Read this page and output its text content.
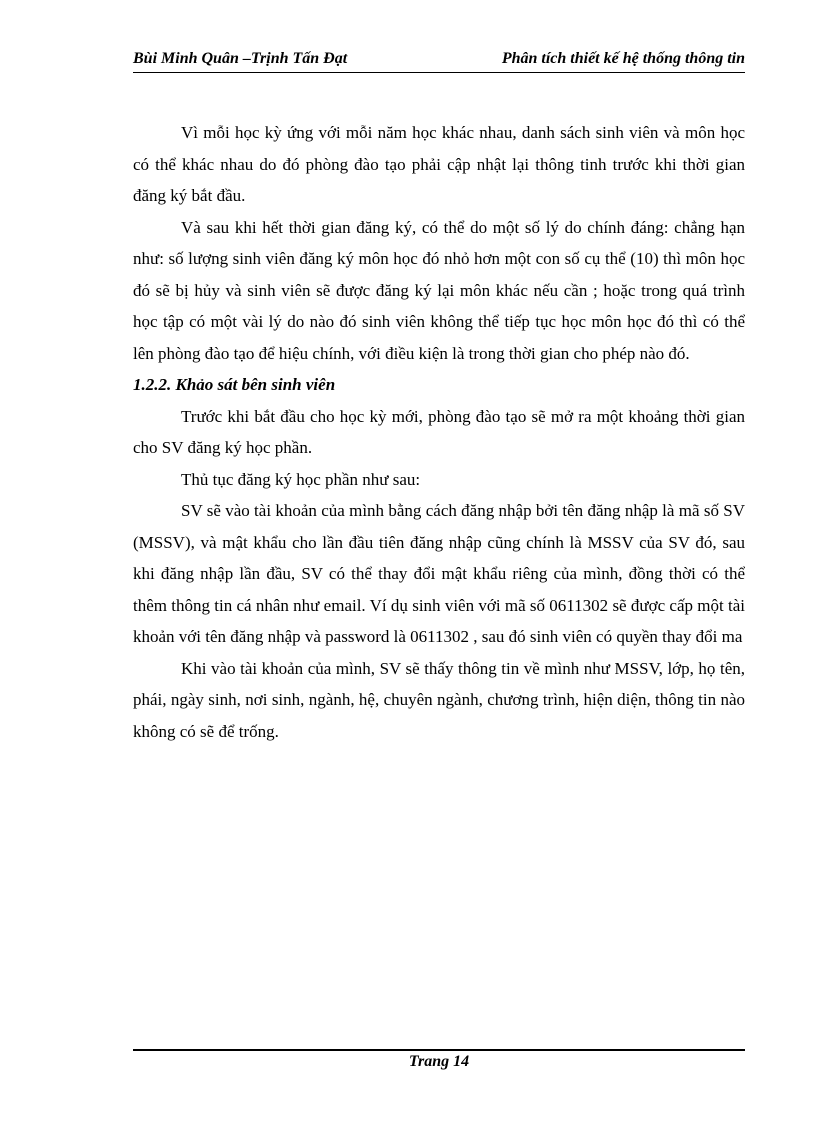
Bùi Minh Quân –Trịnh Tấn Đạt	Phân tích thiết kế hệ thống thông tin

Vì mỗi học kỳ ứng với mỗi năm học khác nhau, danh sách sinh viên và môn học có thể khác nhau do đó phòng đào tạo phải cập nhật lại thông tinh trước khi thời gian đăng ký bắt đầu.

Và sau khi hết thời gian đăng ký, có thể do một số lý do chính đáng: chẳng hạn như: số lượng sinh viên đăng ký môn học đó nhỏ hơn một con số cụ thể (10) thì môn học đó sẽ bị hủy và sinh viên sẽ được đăng ký lại môn khác nếu cần ; hoặc trong quá trình học tập có một vài lý do nào đó sinh viên không thể tiếp tục học môn học đó thì có thể lên phòng đào tạo để hiệu chính, với điều kiện là trong thời gian cho phép nào đó.

1.2.2. Khảo sát bên sinh viên

Trước khi bắt đầu cho học kỳ mới, phòng đào tạo sẽ mở ra một khoảng thời gian cho SV đăng ký học phần.

Thủ tục đăng ký học phần như sau:

SV sẽ vào tài khoản của mình bằng cách đăng nhập bởi tên đăng nhập là mã số SV (MSSV), và mật khẩu cho lần đầu tiên đăng nhập cũng chính là MSSV của SV đó, sau khi đăng nhập lần đầu, SV có thể thay đổi mật khẩu riêng của mình, đồng thời có thể thêm thông tin cá nhân như email. Ví dụ sinh viên với mã số 0611302 sẽ được cấp một tài khoản với tên đăng nhập và password là 0611302 , sau đó sinh viên có quyền thay đổi ma

Khi vào tài khoản của mình, SV sẽ thấy thông tin về mình như MSSV, lớp, họ tên, phái, ngày sinh, nơi sinh, ngành, hệ, chuyên ngành, chương trình, hiện diện, thông tin nào không có sẽ để trống.

Trang 14
